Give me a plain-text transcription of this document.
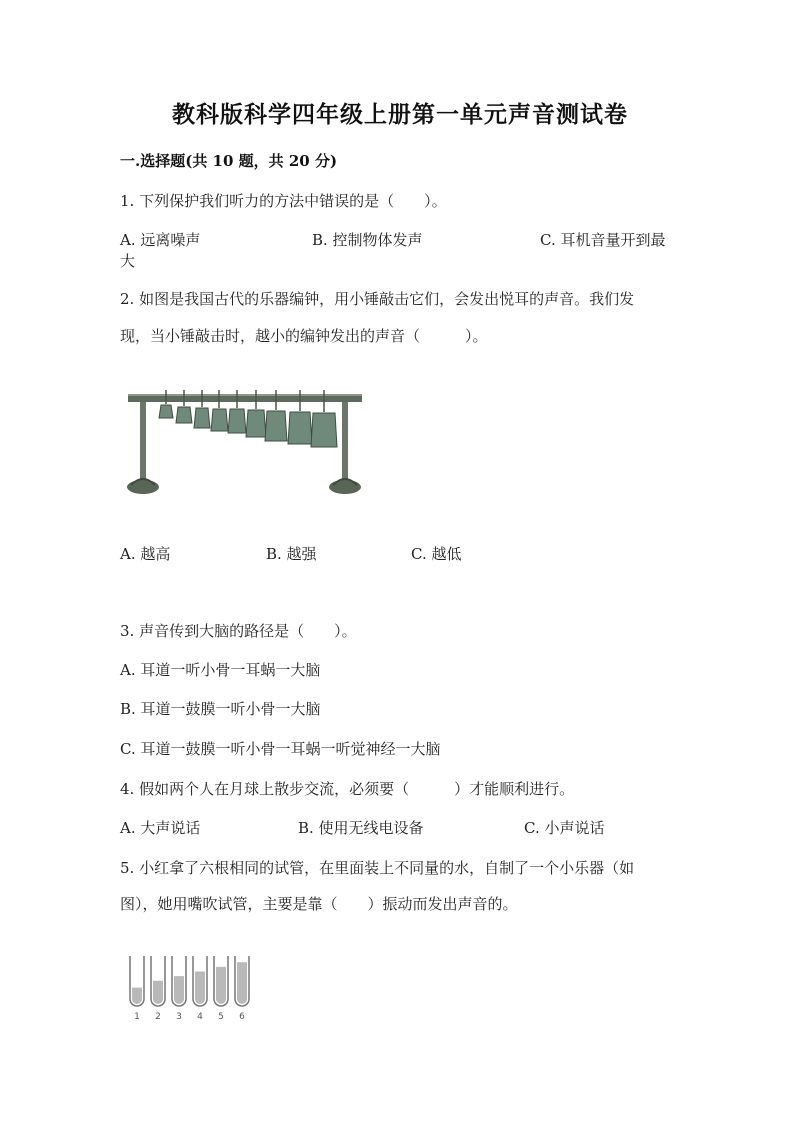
教科版科学四年级上册第一单元声音测试卷
一.选择题(共 10 题，共 20 分)
1. 下列保护我们听力的方法中错误的是（　　）。
A. 远离噪声	B. 控制物体发声	C. 耳机音量开到最
大
2. 如图是我国古代的乐器编钟，用小锤敲击它们，会发出悦耳的声音。我们发
现，当小锤敲击时，越小的编钟发出的声音（　　　）。
A. 越高	B. 越强	C. 越低
3. 声音传到大脑的路径是（　　）。
A. 耳道一听小骨一耳蜗一大脑
B. 耳道一鼓膜一听小骨一大脑
C. 耳道一鼓膜一听小骨一耳蜗一听觉神经一大脑
4. 假如两个人在月球上散步交流，必须要（　　　）才能顺利进行。
A. 大声说话	B. 使用无线电设备	C. 小声说话
5. 小红拿了六根相同的试管，在里面装上不同量的水，自制了一个小乐器（如
图），她用嘴吹试管，主要是靠（　　）振动而发出声音的。
1 2 3 4 5 6
